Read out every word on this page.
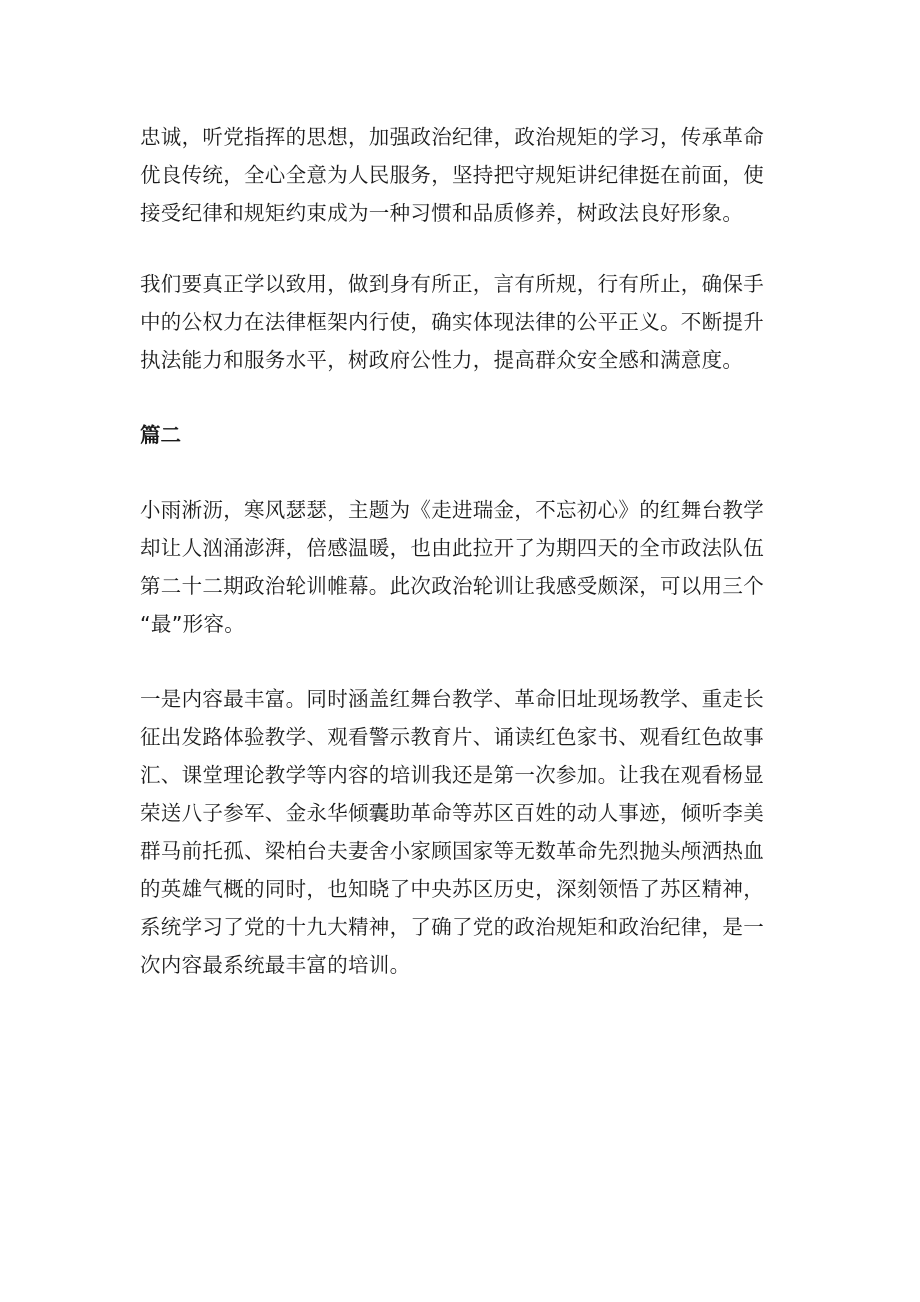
忠诚，听党指挥的思想，加强政治纪律，政治规矩的学习，传承革命
优良传统，全心全意为人民服务，坚持把守规矩讲纪律挺在前面，使
接受纪律和规矩约束成为一种习惯和品质修养，树政法良好形象。

我们要真正学以致用，做到身有所正，言有所规，行有所止，确保手
中的公权力在法律框架内行使，确实体现法律的公平正义。不断提升
执法能力和服务水平，树政府公性力，提高群众安全感和满意度。

篇二

小雨淅沥，寒风瑟瑟，主题为《走进瑞金，不忘初心》的红舞台教学
却让人汹涌澎湃，倍感温暖，也由此拉开了为期四天的全市政法队伍
第二十二期政治轮训帷幕。此次政治轮训让我感受颇深，可以用三个
“最”形容。

一是内容最丰富。同时涵盖红舞台教学、革命旧址现场教学、重走长
征出发路体验教学、观看警示教育片、诵读红色家书、观看红色故事
汇、课堂理论教学等内容的培训我还是第一次参加。让我在观看杨显
荣送八子参军、金永华倾囊助革命等苏区百姓的动人事迹，倾听李美
群马前托孤、梁柏台夫妻舍小家顾国家等无数革命先烈抛头颅洒热血
的英雄气概的同时，也知晓了中央苏区历史，深刻领悟了苏区精神，
系统学习了党的十九大精神，了确了党的政治规矩和政治纪律，是一
次内容最系统最丰富的培训。
